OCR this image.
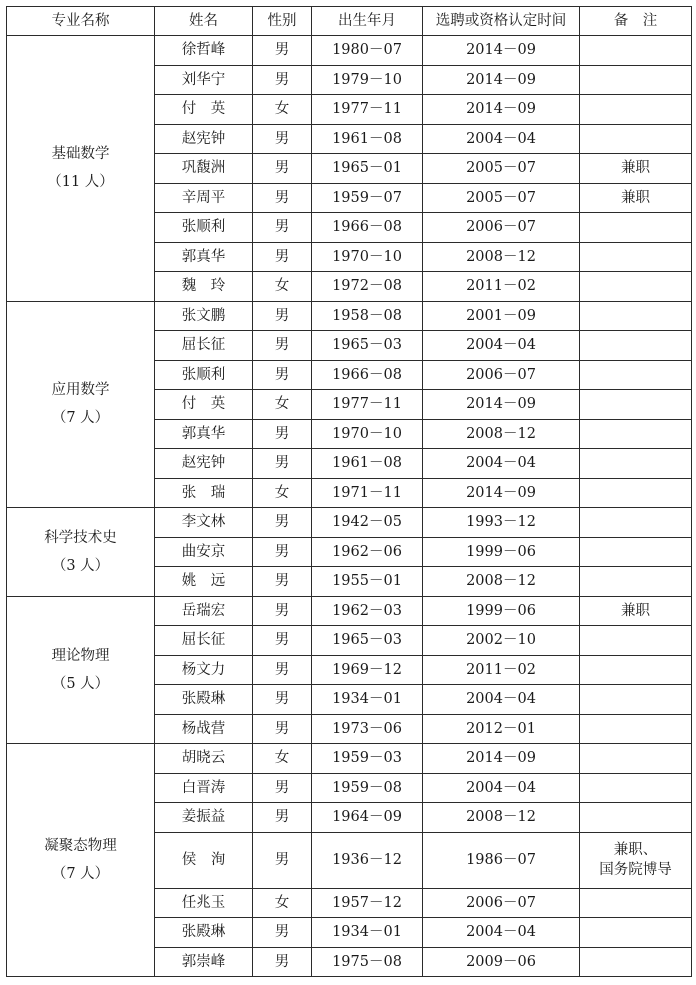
专业名称	姓名	性别	出生年月	选聘或资格认定时间	备　注

基础数学
（11 人）	徐哲峰	男	1980－07	2014－09	
	刘华宁	男	1979－10	2014－09	
	付　英	女	1977－11	2014－09	
	赵宪钟	男	1961－08	2004－04	
	巩馥洲	男	1965－01	2005－07	兼职
	辛周平	男	1959－07	2005－07	兼职
	张顺利	男	1966－08	2006－07	
	郭真华	男	1970－10	2008－12	
	魏　玲	女	1972－08	2011－02	

应用数学
（7 人）	张文鹏	男	1958－08	2001－09	
	屈长征	男	1965－03	2004－04	
	张顺利	男	1966－08	2006－07	
	付　英	女	1977－11	2014－09	
	郭真华	男	1970－10	2008－12	
	赵宪钟	男	1961－08	2004－04	
	张　瑞	女	1971－11	2014－09	

科学技术史
（3 人）	李文林	男	1942－05	1993－12	
	曲安京	男	1962－06	1999－06	
	姚　远	男	1955－01	2008－12	

理论物理
（5 人）	岳瑞宏	男	1962－03	1999－06	兼职
	屈长征	男	1965－03	2002－10	
	杨文力	男	1969－12	2011－02	
	张殿琳	男	1934－01	2004－04	
	杨战营	男	1973－06	2012－01	

凝聚态物理
（7 人）	胡晓云	女	1959－03	2014－09	
	白晋涛	男	1959－08	2004－04	
	姜振益	男	1964－09	2008－12	
	侯　洵	男	1936－12	1986－07	兼职、
国务院博导

	任兆玉	女	1957－12	2006－07	
	张殿琳	男	1934－01	2004－04	
	郭崇峰	男	1975－08	2009－06	
